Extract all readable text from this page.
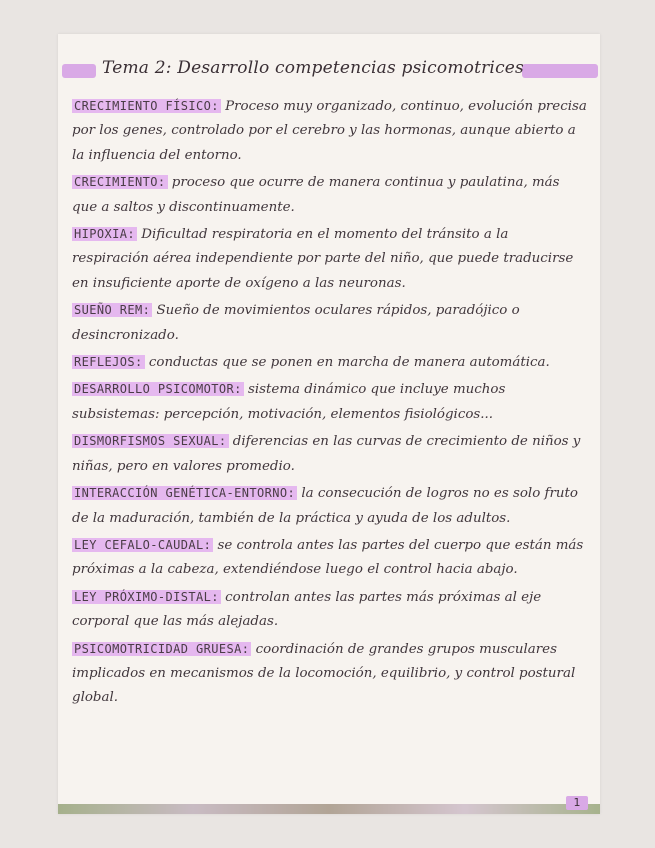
Tema 2: Desarrollo competencias psicomotrices
CRECIMIENTO FÍSICO: Proceso muy organizado, continuo, evolución precisa por los genes, controlado por el cerebro y las hormonas, aunque abierto a la influencia del entorno.
CRECIMIENTO: proceso que ocurre de manera continua y paulatina, más que a saltos y discontinuamente.
HIPOXIA: Dificultad respiratoria en el momento del tránsito a la respiración aérea independiente por parte del niño, que puede traducirse en insuficiente aporte de oxígeno a las neuronas.
SUEÑO REM: Sueño de movimientos oculares rápidos, paradójico o desincronizado.
REFLEJOS: conductas que se ponen en marcha de manera automática.
DESARROLLO PSICOMOTOR: sistema dinámico que incluye muchos subsistemas: percepción, motivación, elementos fisiológicos...
DISMORFISMOS SEXUAL: diferencias en las curvas de crecimiento de niños y niñas, pero en valores promedio.
INTERACCIÓN GENÉTICA-ENTORNO: la consecución de logros no es solo fruto de la maduración, también de la práctica y ayuda de los adultos.
LEY CEFALO-CAUDAL: se controla antes las partes del cuerpo que están más próximas a la cabeza, extendiéndose luego el control hacia abajo.
LEY PRÓXIMO-DISTAL: controlan antes las partes más próximas al eje corporal que las más alejadas.
PSICOMOTRICIDAD GRUESA: coordinación de grandes grupos musculares implicados en mecanismos de la locomoción, equilibrio, y control postural global.
1
